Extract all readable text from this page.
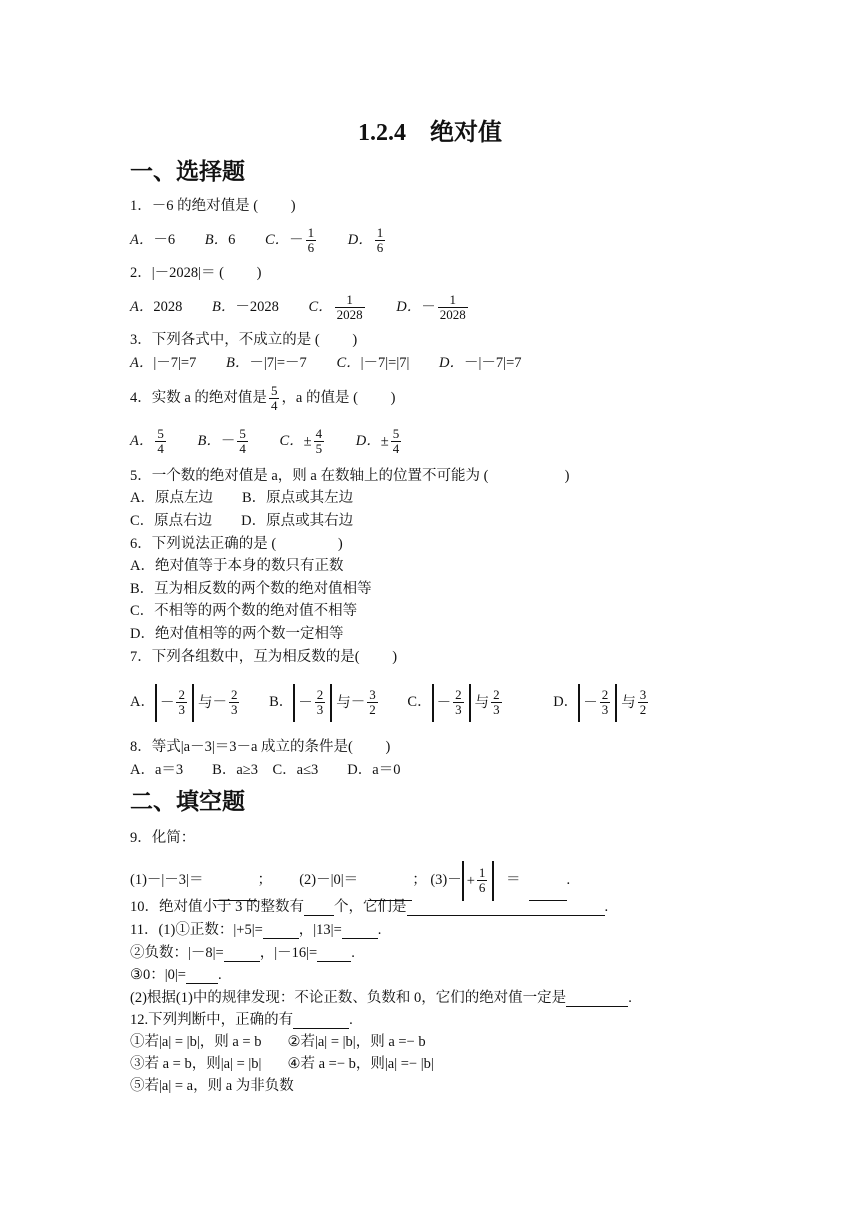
1.2.4　绝对值
一、选择题
1．－6 的绝对值是 (　　 )
A．－6 B．6 C．－ $\frac{1}{6}$ D． $\frac{1}{6}$
2．|－2028|＝ (　　 )
A．2028 B．－2028 C． $\frac{1}{2028}$ D．－ $\frac{1}{2028}$
3．下列各式中，不成立的是 (　　 )
A．|－7|=7 B．－|7|=－7 C．|－7|=|7| D．－|－7|=7
4．实数 a 的绝对值是 $\frac{5}{4}$ ，a 的值是 (　　 )
A． $\frac{5}{4}$ B．－ $\frac{5}{4}$ C．± $\frac{4}{5}$ D．± $\frac{5}{4}$
5．一个数的绝对值是 a，则 a 在数轴上的位置不可能为 (　　　　　 )
A．原点左边　　B．原点或其左边
C．原点右边　　D．原点或其右边
6．下列说法正确的是 (　　　　 )
A．绝对值等于本身的数只有正数
B．互为相反数的两个数的绝对值相等
C．不相等的两个数的绝对值不相等
D．绝对值相等的两个数一定相等
7．下列各组数中，互为相反数的是(　　 )
A． － $\frac{2}{3}$ 与－ $\frac{2}{3}$ B． － $\frac{2}{3}$ 与－ $\frac{3}{2}$ C． － $\frac{2}{3}$ 与 $\frac{2}{3}$	D． － $\frac{2}{3}$ 与 $\frac{3}{2}$
8．等式|a－3|＝3－a 成立的条件是(　　 )
A．a＝3　　B．a≥3　C．a≤3　　D．a＝0
二、填空题
9．化简：
(1)－|－3|＝	； (2)－|0|＝	； $(3)- + \frac{1}{6}$ ＝	.
10．绝对值小于 3 的整数有 个，它们是	.
11．(1)①正数：|+5|= ，|13|= .
②负数：|－8|= ，|－16|= .
③0：|0|= .
(2)根据(1)中的规律发现：不论正数、负数和 0，它们的绝对值一定是	.
12.下列判断中，正确的有	.
①若|a| = |b|，则 a = b ②若|a| = |b|，则 a =− b
③若 a = b，则|a| = |b| ④若 a =− b，则|a| =− |b|
⑤若|a| = a，则 a 为非负数
